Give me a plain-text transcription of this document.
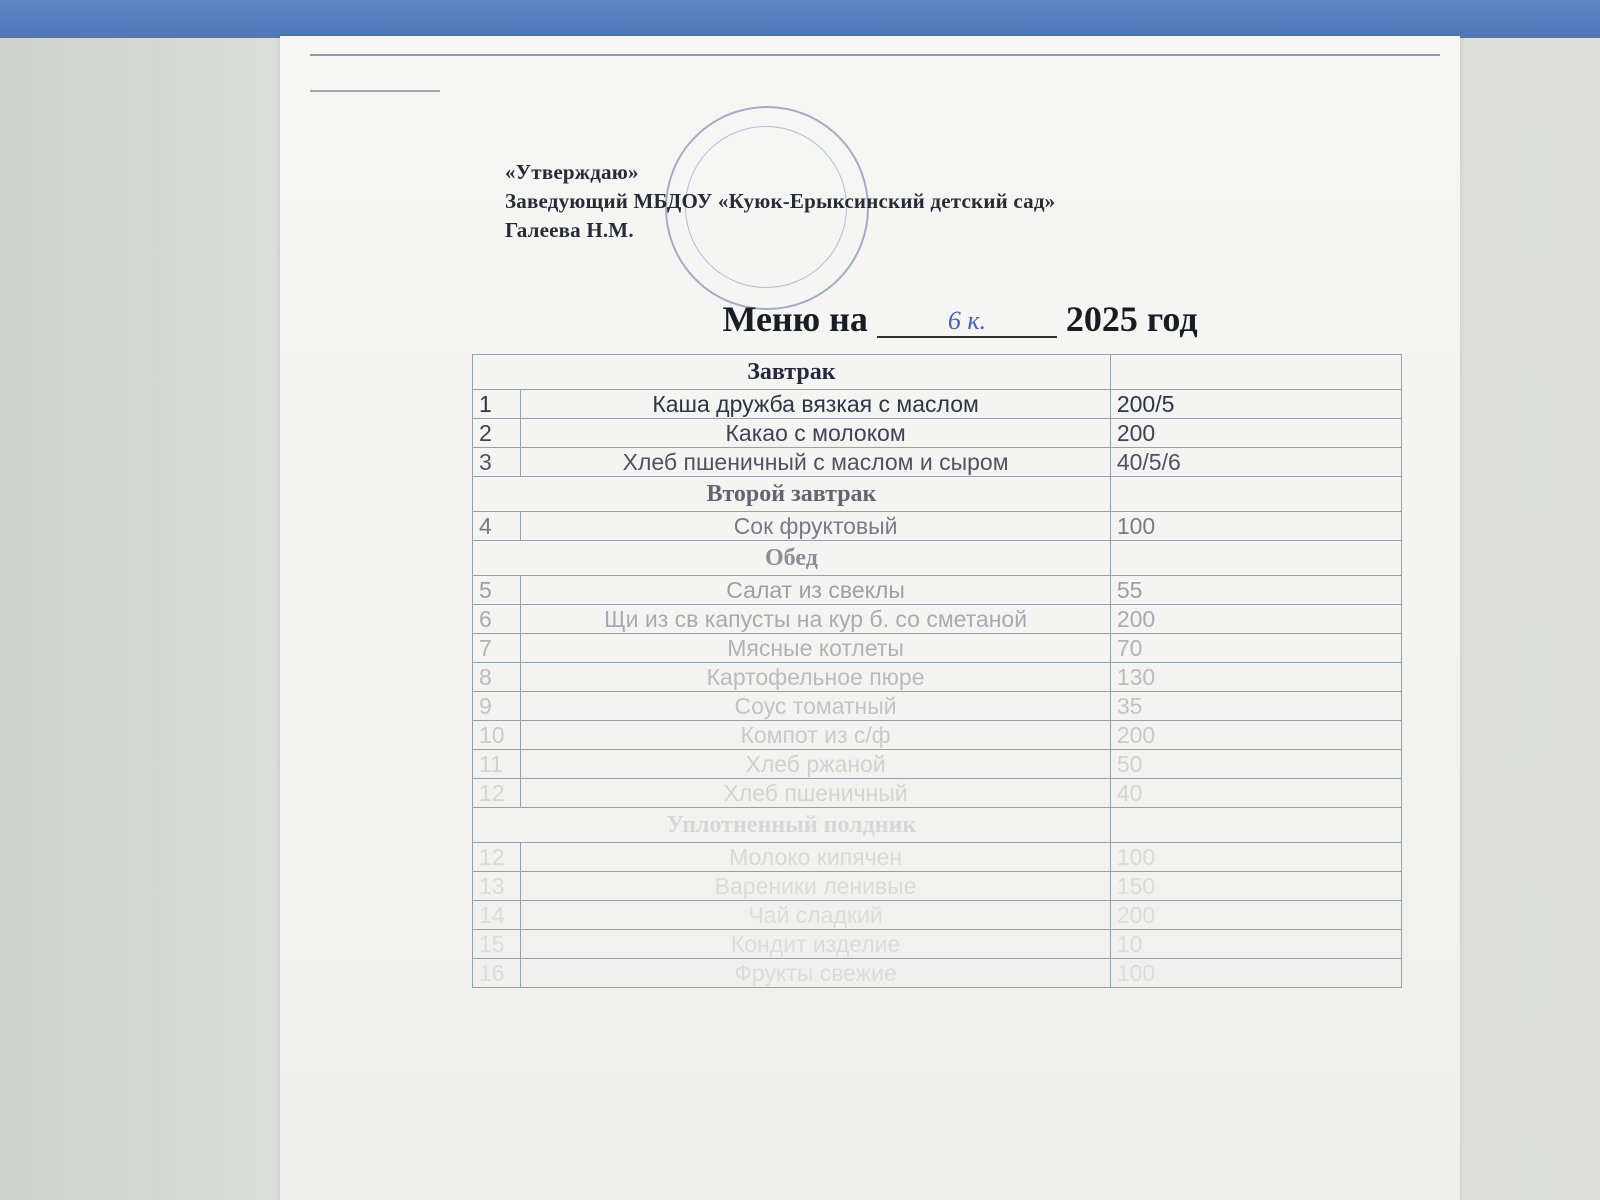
«Утверждаю»
Заведующий МБДОУ «Куюк-Ерыксинский детский сад»
Галеева Н.М.
Меню на	6 к. 2025 год
Завтрак		
1	Каша дружба вязкая с маслом	200/5
2	Какао с молоком	200
3	Хлеб пшеничный с маслом и сыром	40/5/6
Второй завтрак		
4	Сок фруктовый	100
Обед		
5	Салат из свеклы	55
6	Щи из св капусты на кур б. со сметаной	200
7	Мясные котлеты	70
8	Картофельное пюре	130
9	Соус томатный	35
10	Компот из с/ф	200
11	Хлеб ржаной	50
12	Хлеб пшеничный	40
Уплотненный полдник		
12	Молоко кипячен	100
13	Вареники ленивые	150
14	Чай сладкий	200
15	Кондит изделие	10
16	Фрукты свежие	100
